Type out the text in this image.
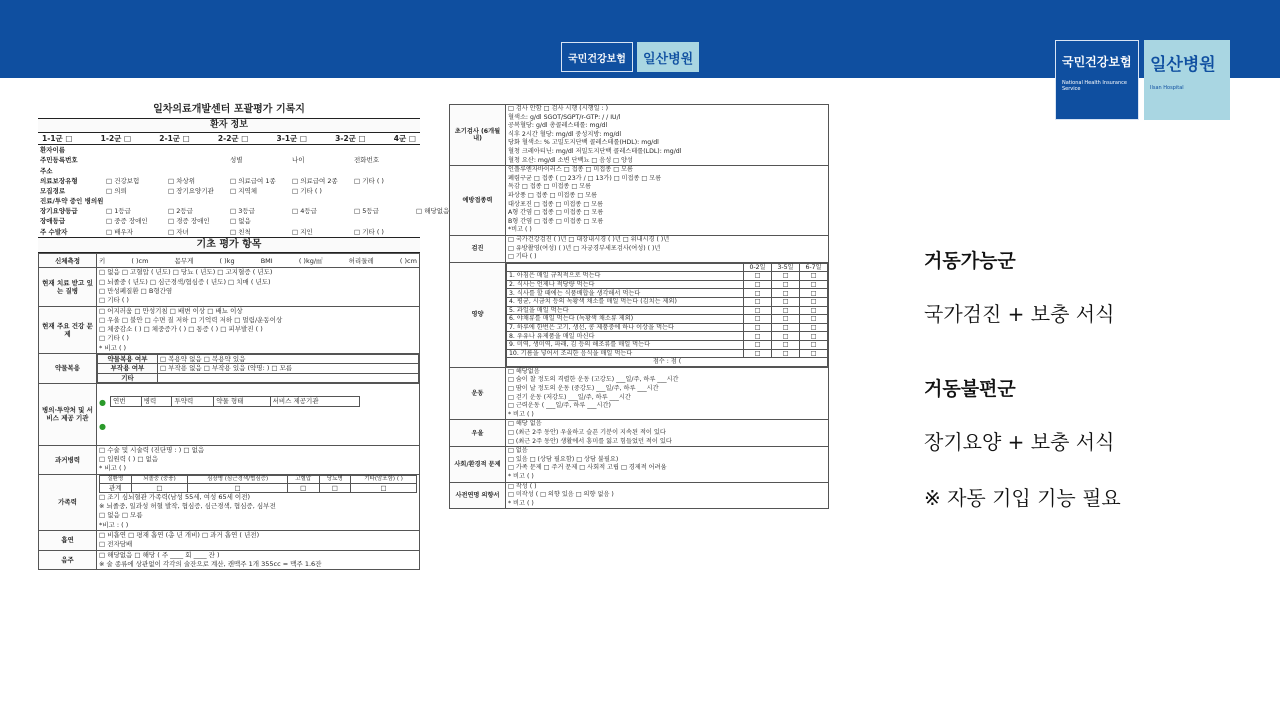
국민건강보험 일산병원	국민건강보험
National Health Insurance Service
일산병원
Ilsan Hospital
일차의료개발센터 포괄평가 기록지
환자 정보
1-1군 □	1-2군 □	2-1군 □	2-2군 □	3-1군 □	3-2군 □	4군 □
환자이름
주민등록번호	성별	나이	전화번호
주소
의료보장유형	□ 건강보험	□ 차상위	□ 의료급여 1종	□ 의료급여 2종	□ 기타 ( )
모집경로	□ 의뢰	□ 장기요양기관	□ 지역체	□ 기타 ( )
진료/투약 중인 병의원
장기요양등급	□ 1등급	□ 2등급	□ 3등급	□ 4등급	□ 5등급	□ 해당없음
장애등급	□ 중증 장애인	□ 경증 장애인	□ 없음
주 수발자	□ 배우자	□ 자녀	□ 친척	□ 지인	□ 기타 ( )
기초 평가 항목
신체측정	키	( )cm	몸무게	( )kg	BMI	( )kg/㎡	허리둘레	( )cm

현재 치료 받고 있는 질병	
□ 없음 □ 고혈압 ( 년도) □ 당뇨 ( 년도) □ 고지혈증 ( 년도)
□ 뇌졸중 ( 년도) □ 심근경색/협심증 ( 년도) □ 치매 ( 년도)
□ 만성폐질환 □ B형간염
□ 기타 ( )

현재 주요 건강 문제	
□ 어지러움 □ 만성기침 □ 배변 이상 □ 배뇨 이상
□ 우울 □ 불안 □ 수면 질 저하 □ 기억력 저하 □ 멀림/운동이상
□ 체중감소 ( ) □ 체중증가 ( ) □ 통증 ( ) □ 피부발진 ( )
□ 기타 ( )
* 비고 ( )

약물복용	
약물복용 여부	□ 복용약 없음 □ 복용약 있음
부작용 여부	□ 부작용 없음 □ 부작용 있음 (약명: ) □ 모름
기타	

병의·투약처 및 서비스 제공 기관	
●
●
연번	병력	투약력	약물 형태	서비스 제공기관

과거병력	
□ 수술 및 시술력 (진단명 : ) □ 없음
□ 입원력 ( ) □ 없음
* 비고 ( )

가족력	
질환명	뇌졸중 (중풍)	심장병 (심근경색/협심증)	고혈압	당뇨병	기타(암포함) ( )
관계	□	□	□	□	□
□ 조기 심뇌혈관 가족력(남성 55세, 여성 65세 이전)
※ 뇌졸중, 일과성 허혈 발작, 협심증, 심근경색, 협심증, 심부전
□ 없음 □ 모름
*비고 : ( )

흡연	
□ 비흡연 □ 평재 흡연 (총 년 개비) □ 과거 흡연 ( 년전)
□ 전자담배

음주	
□ 해당없음 □ 해당 ( 주 ____ 회 ____ 잔 )
※ 술 종류에 상관없이 각각의 술잔으로 계산, 캔맥주 1개 355cc = 맥주 1.6잔
초기검사 (6개월 내)	
□ 검사 안함 □ 검사 시행 (시행일 : )
혈색소: g/dl SGOT/SGPT/r-GTP: / / IU/l
공복혈당: g/dl 총콜레스테롤: mg/dl
식후 2시간 혈당: mg/dl 중성지방: mg/dl
당화 혈색소: % 고밀도지단백 콜레스테롤(HDL): mg/dl
혈청 크레아티닌: mg/dl 저밀도지단백 콜레스테롤(LDL): mg/dl
혈청 요산: mg/dl 소변 단백뇨 □ 음성 □ 양성

예방접종력	
인플루엔자바이러스 □ 접종 □ 미접종 □ 모름
폐렴구균 □ 접종 ( □ 23가 / □ 13가) □ 미접종 □ 모름
독감 □ 접종 □ 미접종 □ 모름
파상풍 □ 접종 □ 미접종 □ 모름
대상포진 □ 접종 □ 미접종 □ 모름
A형 간염 □ 접종 □ 미접종 □ 모름
B형 간염 □ 접종 □ 미접종 □ 모름
*비고 ( )

검진	
□ 국가건강검진 ( )년 □ 대장내시경 ( )년 □ 위내시경 ( )년
□ 유방촬영(여성) ( )년 □ 자궁경부세포검사(여성) ( )년
□ 기타 ( )

영양	
	0-2일	3-5일	6-7일
1. 아침은 매일 규칙적으로 먹는다	□	□	□
2. 식사는 언제나 적당량 먹는다	□	□	□
3. 식사를 할 때에는 식품배합을 생각해서 먹는다	□	□	□
4. 평균, 시금치 등의 녹황색 채소를 매일 먹는다 (김치는 제외)	□	□	□
5. 과일을 매일 먹는다	□	□	□
6. 야채류를 매일 먹는다 (녹황색 채소류 제외)	□	□	□
7. 하루에 한번은 고기, 생선, 콩 제품중에 하나 이상을 먹는다	□	□	□
8. 우유나 유제품을 매일 마신다	□	□	□
9. 미역, 생미역, 파래, 김 등의 해조류를 매일 먹는다	□	□	□
10. 기름을 넣어서 조리한 음식을 매일 먹는다	□	□	□
점수 : 점 (

운동	
□ 해당없음
□ 숨이 찰 정도의 격렬한 운동 (고강도) ___일/주, 하루 ___시간
□ 땀이 날 정도의 운동 (중강도) ___일/주, 하루 ___시간
□ 걷기 운동 (저강도) ___일/주, 하루 ___시간
□ 근력운동 ( ___일/주, 하루 ___시간)
* 비고 ( )

우울	
□ 해당 없음
□ (최근 2주 동안) 우울하고 슬픈 기분이 지속된 적이 있다
□ (최근 2주 동안) 생활에서 흥미를 잃고 힘들었던 적이 있다

사회/환경적 문제	
□ 없음
□ 있음 □ (상담 필요함) □ 상담 불필요)
□ 가족 문제 □ 주거 문제 □ 사회적 고립 □ 경제적 어려움
* 비고 ( )

사전연명 의향서	
□ 작성 ( )
□ 미작성 ( □ 의향 있음 □ 의향 없음 )
* 비고 ( )
거동가능군
국가검진 + 보충 서식
거동불편군
장기요양 + 보충 서식
※ 자동 기입 기능 필요
